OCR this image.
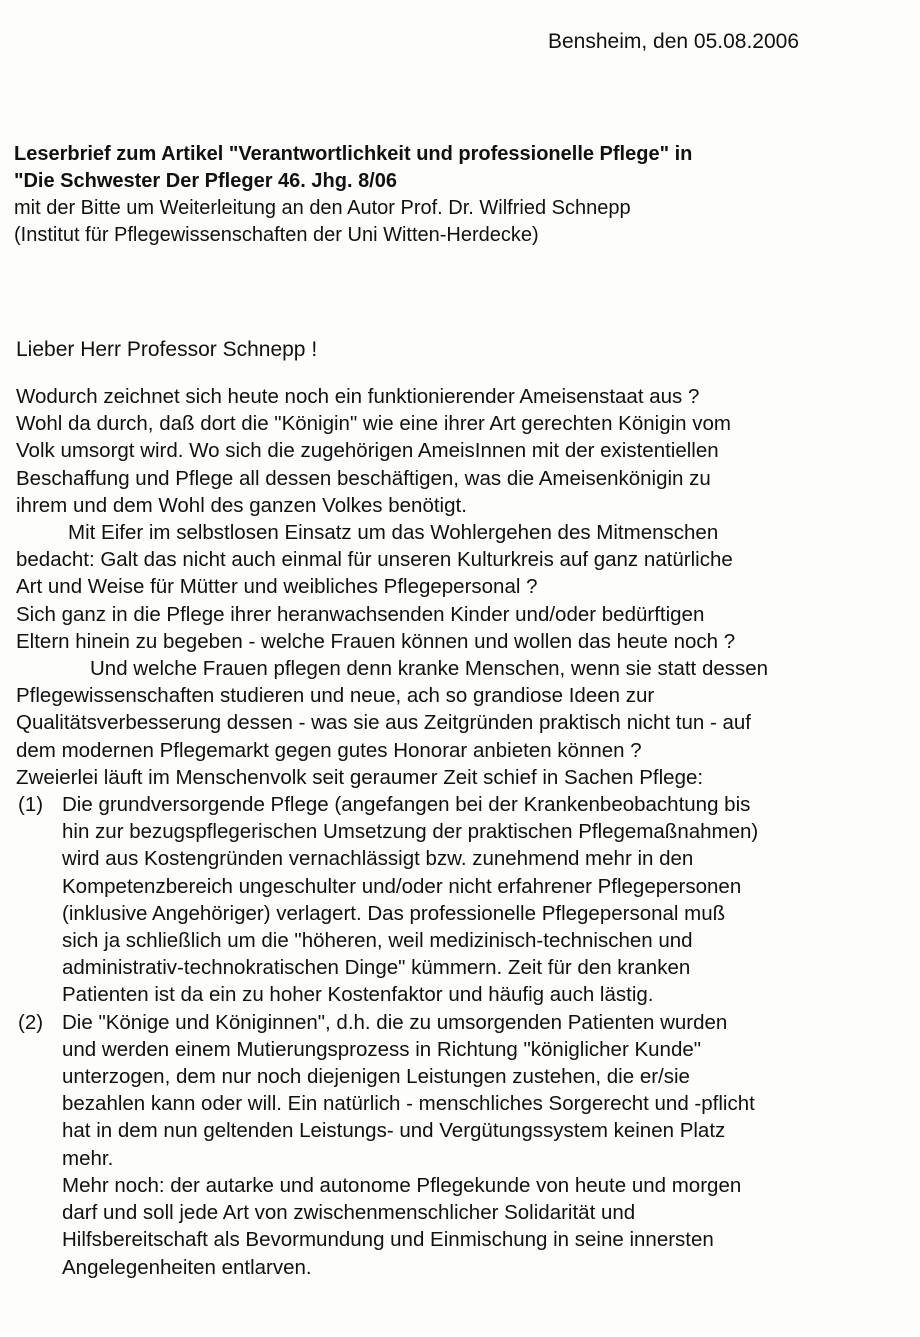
Bensheim, den 05.08.2006
Leserbrief zum Artikel "Verantwortlichkeit und professionelle Pflege" in
"Die Schwester Der Pfleger 46. Jhg. 8/06
mit der Bitte um Weiterleitung an den Autor Prof. Dr. Wilfried Schnepp
(Institut für Pflegewissenschaften der Uni Witten-Herdecke)
Lieber Herr Professor Schnepp !
Wodurch zeichnet sich heute noch ein funktionierender Ameisenstaat aus ?
Wohl da durch, daß dort die "Königin" wie eine ihrer Art gerechten Königin vom
Volk umsorgt wird. Wo sich die zugehörigen AmeisInnen mit der existentiellen
Beschaffung und Pflege all dessen beschäftigen, was die Ameisenkönigin zu
ihrem und dem Wohl des ganzen Volkes benötigt.
Mit Eifer im selbstlosen Einsatz um das Wohlergehen des Mitmenschen
bedacht: Galt das nicht auch einmal für unseren Kulturkreis auf ganz natürliche
Art und Weise für Mütter und weibliches Pflegepersonal ?
Sich ganz in die Pflege ihrer heranwachsenden Kinder und/oder bedürftigen
Eltern hinein zu begeben - welche Frauen können und wollen das heute noch ?
Und welche Frauen pflegen denn kranke Menschen, wenn sie statt dessen
Pflegewissenschaften studieren und neue, ach so grandiose Ideen zur
Qualitätsverbesserung dessen - was sie aus Zeitgründen praktisch nicht tun - auf
dem modernen Pflegemarkt gegen gutes Honorar anbieten können ?
Zweierlei läuft im Menschenvolk seit geraumer Zeit schief in Sachen Pflege:
(1) Die grundversorgende Pflege (angefangen bei der Krankenbeobachtung bis
hin zur bezugspflegerischen Umsetzung der praktischen Pflegemaßnahmen)
wird aus Kostengründen vernachlässigt bzw. zunehmend mehr in den
Kompetenzbereich ungeschulter und/oder nicht erfahrener Pflegepersonen
(inklusive Angehöriger) verlagert. Das professionelle Pflegepersonal muß
sich ja schließlich um die "höheren, weil medizinisch-technischen und
administrativ-technokratischen Dinge" kümmern. Zeit für den kranken
Patienten ist da ein zu hoher Kostenfaktor und häufig auch lästig.
(2) Die "Könige und Königinnen", d.h. die zu umsorgenden Patienten wurden
und werden einem Mutierungsprozess in Richtung "königlicher Kunde"
unterzogen, dem nur noch diejenigen Leistungen zustehen, die er/sie
bezahlen kann oder will. Ein natürlich - menschliches Sorgerecht und -pflicht
hat in dem nun geltenden Leistungs- und Vergütungssystem keinen Platz
mehr.
Mehr noch: der autarke und autonome Pflegekunde von heute und morgen
darf und soll jede Art von zwischenmenschlicher Solidarität und
Hilfsbereitschaft als Bevormundung und Einmischung in seine innersten
Angelegenheiten entlarven.
